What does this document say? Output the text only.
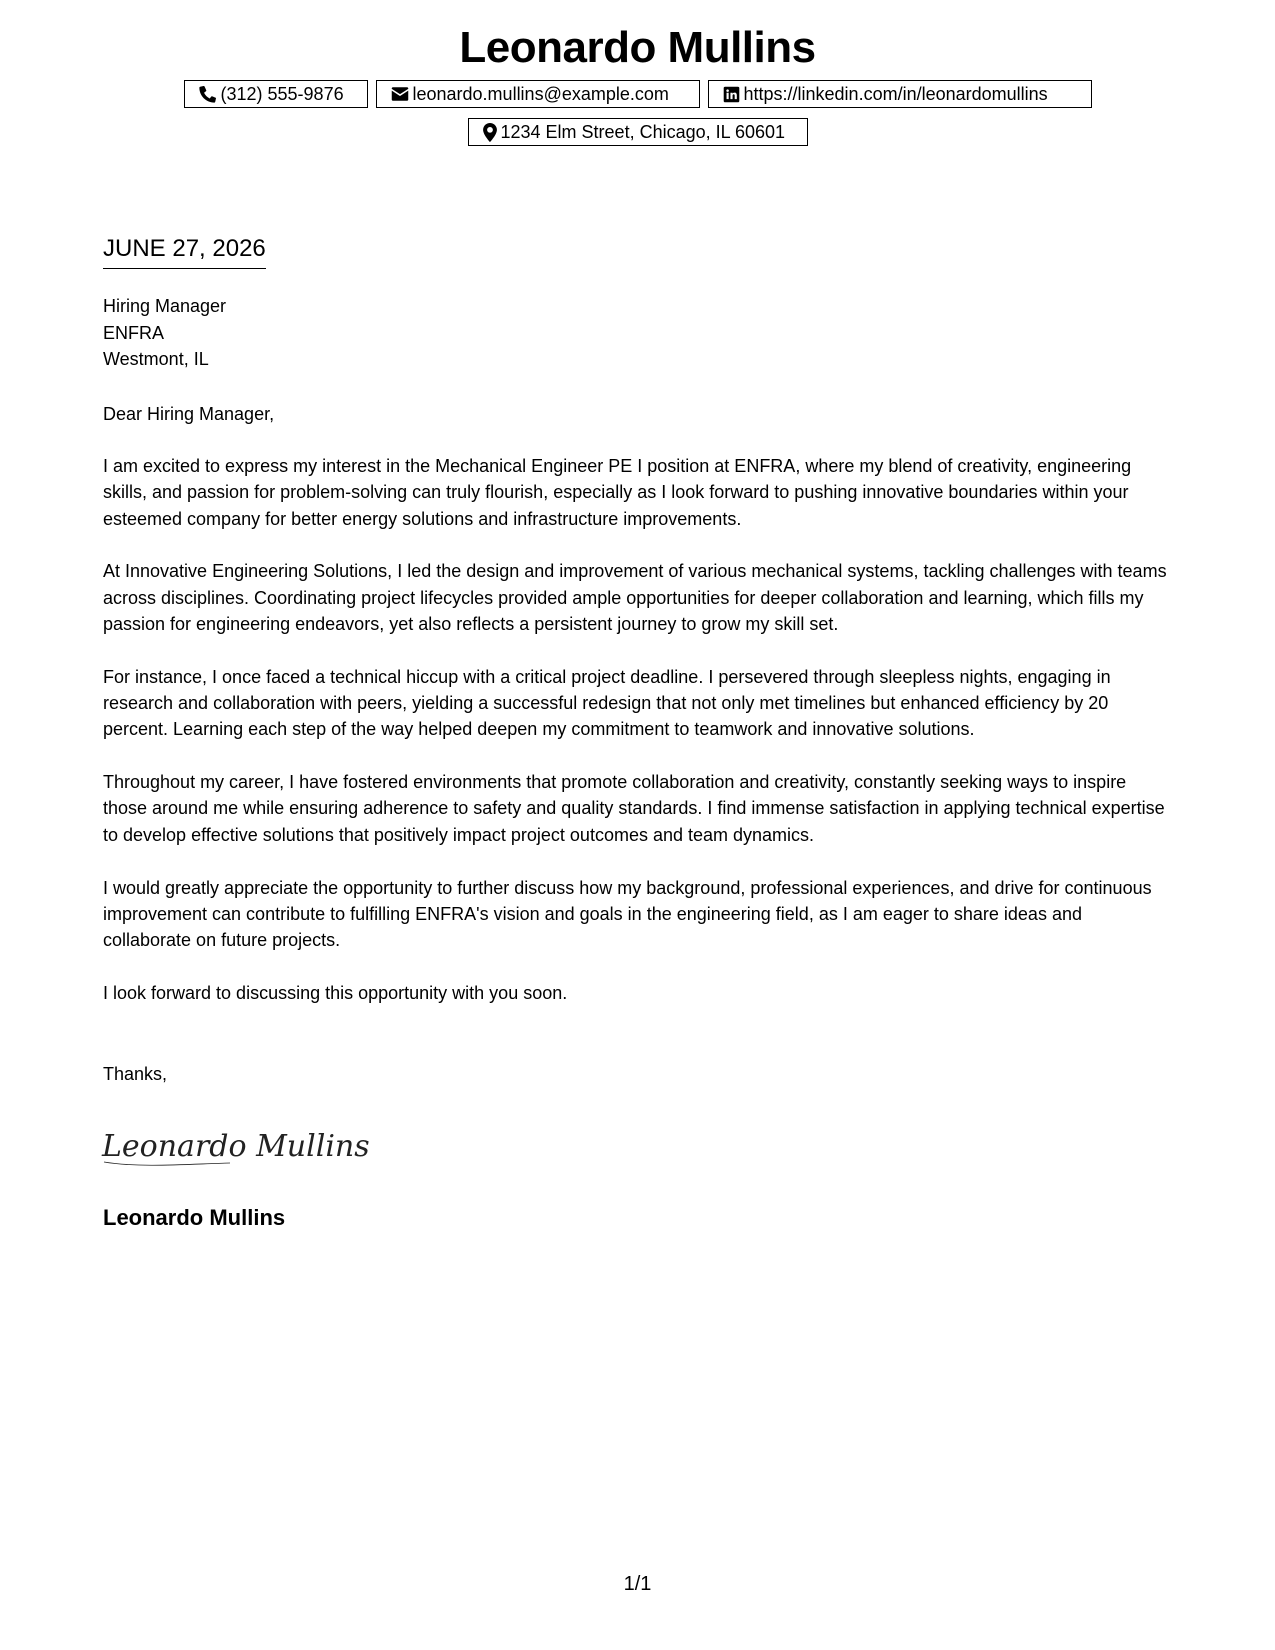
Leonardo Mullins
(312) 555-9876	leonardo.mullins@example.com	https://linkedin.com/in/leonardomullins
1234 Elm Street, Chicago, IL 60601
JUNE 27, 2026
Hiring Manager
ENFRA
Westmont, IL
Dear Hiring Manager,

I am excited to express my interest in the Mechanical Engineer PE I position at ENFRA, where my blend of creativity, engineering skills, and passion for problem-solving can truly flourish, especially as I look forward to pushing innovative boundaries within your esteemed company for better energy solutions and infrastructure improvements.

At Innovative Engineering Solutions, I led the design and improvement of various mechanical systems, tackling challenges with teams across disciplines. Coordinating project lifecycles provided ample opportunities for deeper collaboration and learning, which fills my passion for engineering endeavors, yet also reflects a persistent journey to grow my skill set.

For instance, I once faced a technical hiccup with a critical project deadline. I persevered through sleepless nights, engaging in research and collaboration with peers, yielding a successful redesign that not only met timelines but enhanced efficiency by 20 percent. Learning each step of the way helped deepen my commitment to teamwork and innovative solutions.

Throughout my career, I have fostered environments that promote collaboration and creativity, constantly seeking ways to inspire those around me while ensuring adherence to safety and quality standards. I find immense satisfaction in applying technical expertise to develop effective solutions that positively impact project outcomes and team dynamics.

I would greatly appreciate the opportunity to further discuss how my background, professional experiences, and drive for continuous improvement can contribute to fulfilling ENFRA's vision and goals in the engineering field, as I am eager to share ideas and collaborate on future projects.

I look forward to discussing this opportunity with you soon.

Thanks,
Leonardo Mullins
Leonardo Mullins
1/1
